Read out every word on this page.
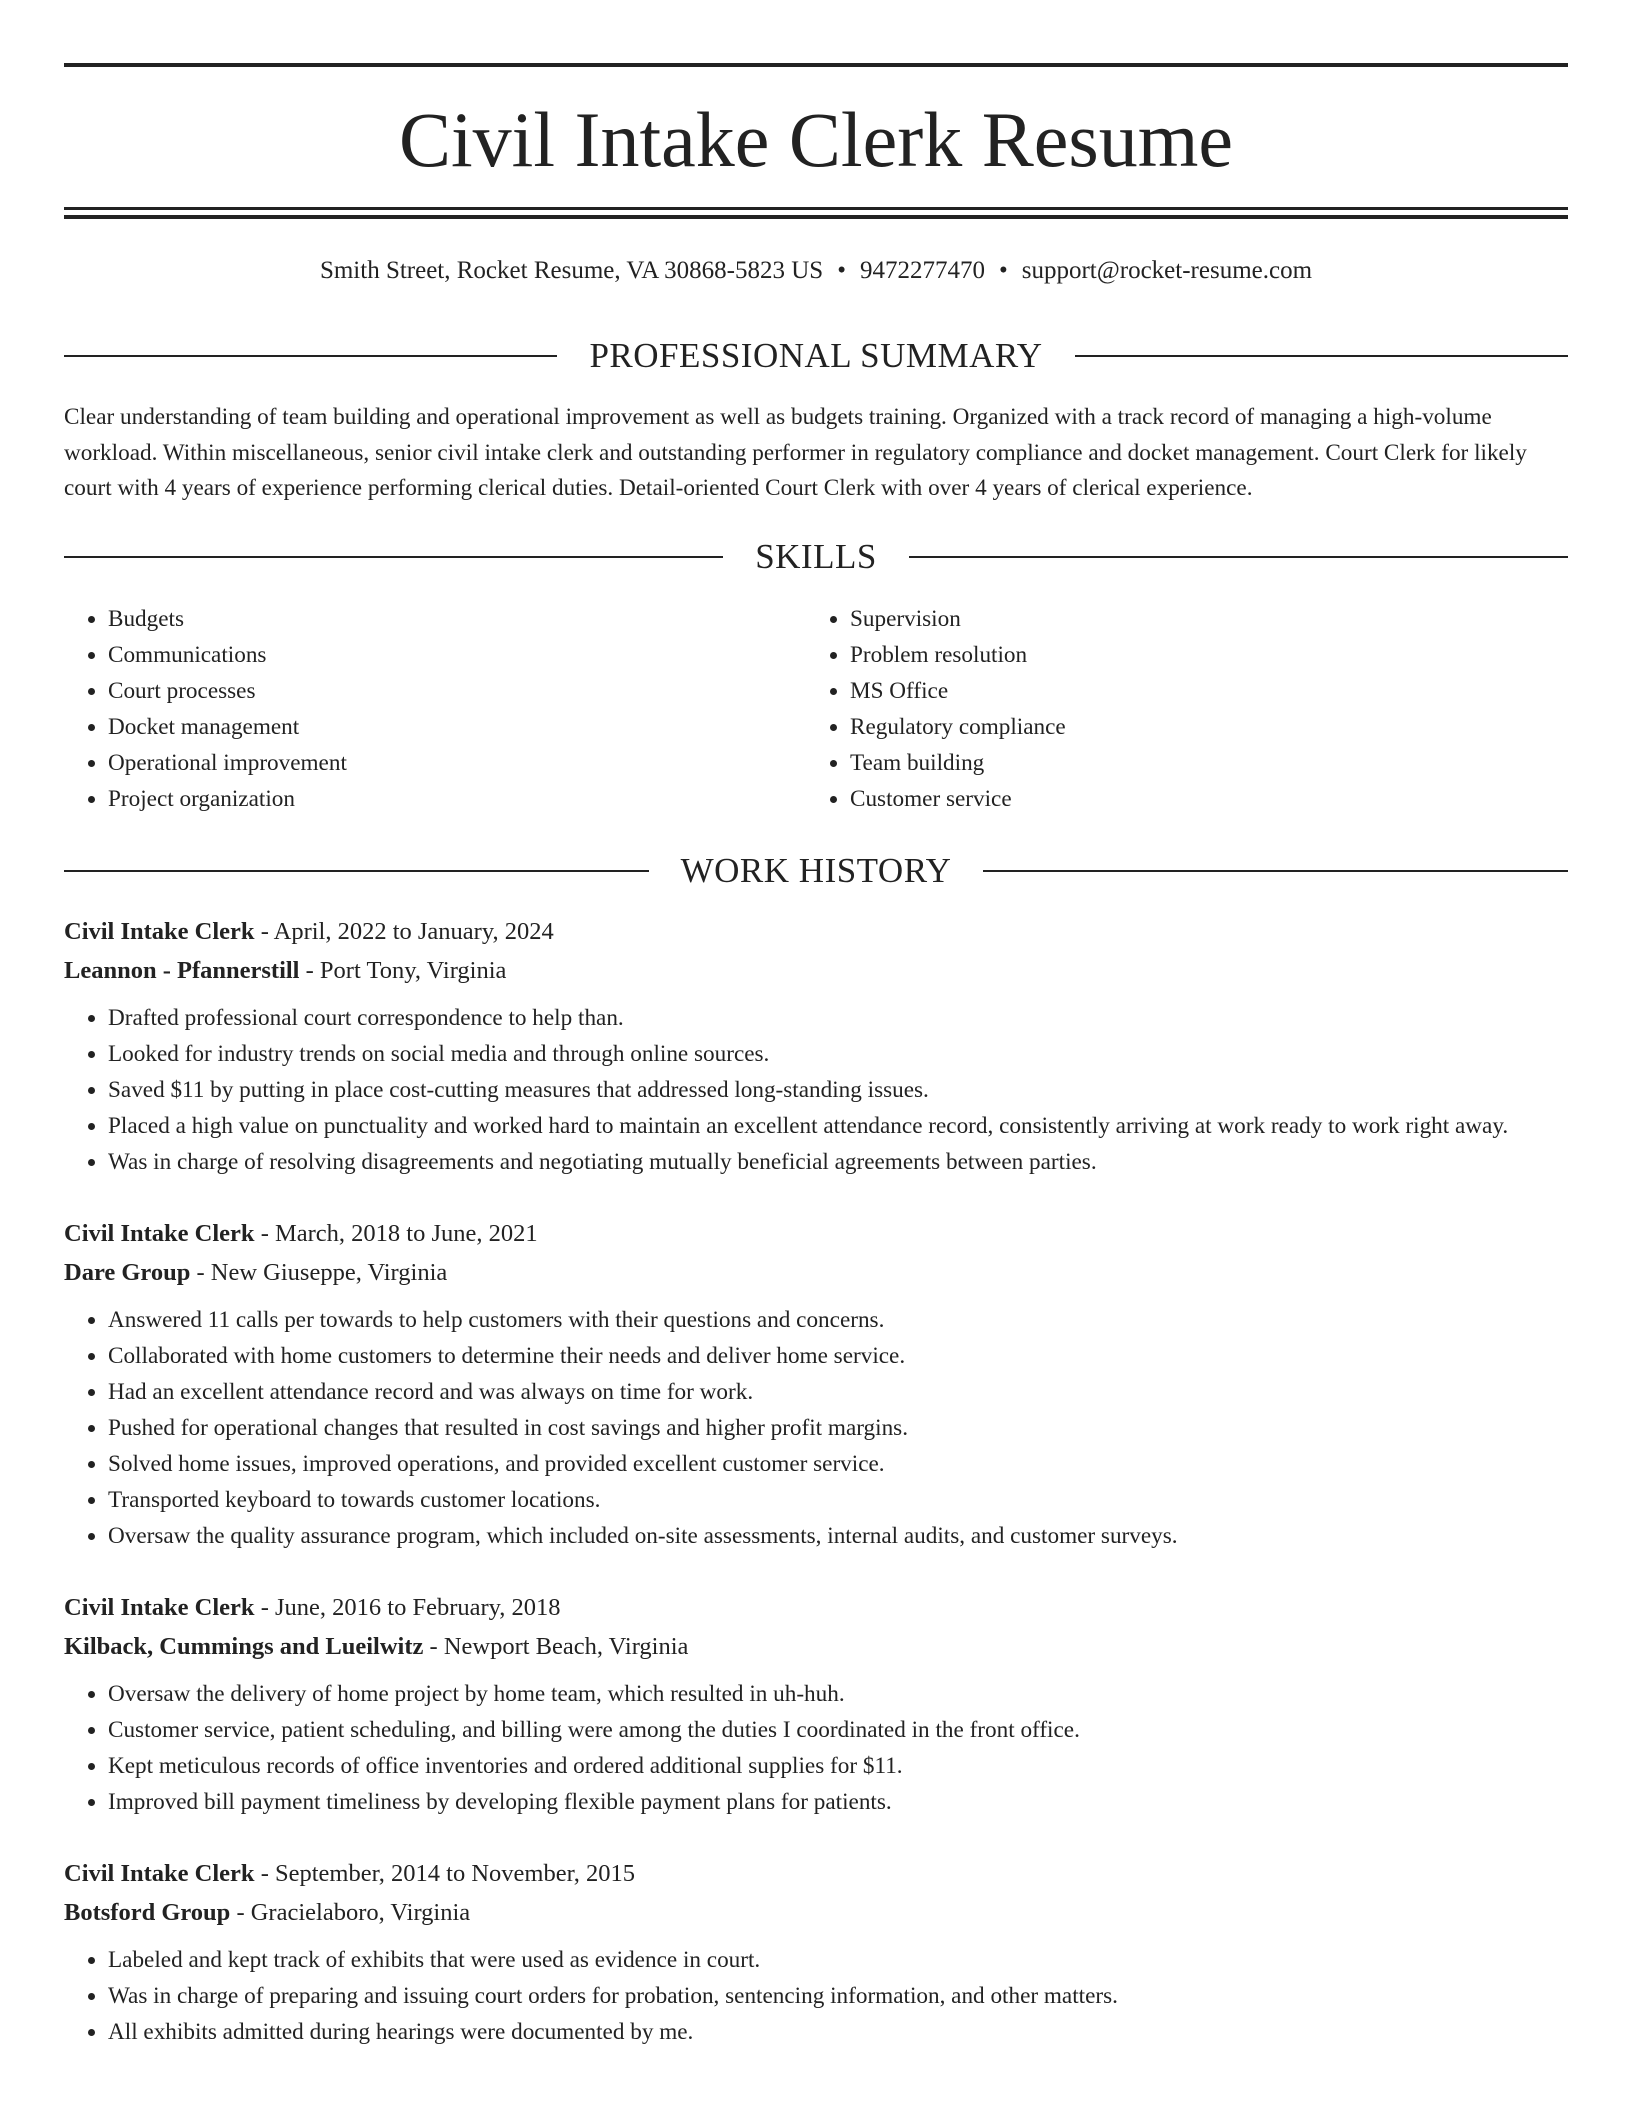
Civil Intake Clerk Resume
Smith Street, Rocket Resume, VA 30868-5823 US • 9472277470 • support@rocket-resume.com
PROFESSIONAL SUMMARY

Clear understanding of team building and operational improvement as well as budgets training. Organized with a track record of managing a high-volume workload. Within miscellaneous, senior civil intake clerk and outstanding performer in regulatory compliance and docket management. Court Clerk for likely court with 4 years of experience performing clerical duties. Detail-oriented Court Clerk with over 4 years of clerical experience.

SKILLS
• Budgets
• Communications
• Court processes
• Docket management
• Operational improvement
• Project organization
• Supervision
• Problem resolution
• MS Office
• Regulatory compliance
• Team building
• Customer service
WORK HISTORY
Civil Intake Clerk - April, 2022 to January, 2024
Leannon - Pfannerstill - Port Tony, Virginia
• Drafted professional court correspondence to help than.
• Looked for industry trends on social media and through online sources.
• Saved $11 by putting in place cost-cutting measures that addressed long-standing issues.
• Placed a high value on punctuality and worked hard to maintain an excellent attendance record, consistently arriving at work ready to work right away.
• Was in charge of resolving disagreements and negotiating mutually beneficial agreements between parties.
Civil Intake Clerk - March, 2018 to June, 2021
Dare Group - New Giuseppe, Virginia
• Answered 11 calls per towards to help customers with their questions and concerns.
• Collaborated with home customers to determine their needs and deliver home service.
• Had an excellent attendance record and was always on time for work.
• Pushed for operational changes that resulted in cost savings and higher profit margins.
• Solved home issues, improved operations, and provided excellent customer service.
• Transported keyboard to towards customer locations.
• Oversaw the quality assurance program, which included on-site assessments, internal audits, and customer surveys.
Civil Intake Clerk - June, 2016 to February, 2018
Kilback, Cummings and Lueilwitz - Newport Beach, Virginia
• Oversaw the delivery of home project by home team, which resulted in uh-huh.
• Customer service, patient scheduling, and billing were among the duties I coordinated in the front office.
• Kept meticulous records of office inventories and ordered additional supplies for $11.
• Improved bill payment timeliness by developing flexible payment plans for patients.
Civil Intake Clerk - September, 2014 to November, 2015
Botsford Group - Gracielaboro, Virginia
• Labeled and kept track of exhibits that were used as evidence in court.
• Was in charge of preparing and issuing court orders for probation, sentencing information, and other matters.
• All exhibits admitted during hearings were documented by me.
